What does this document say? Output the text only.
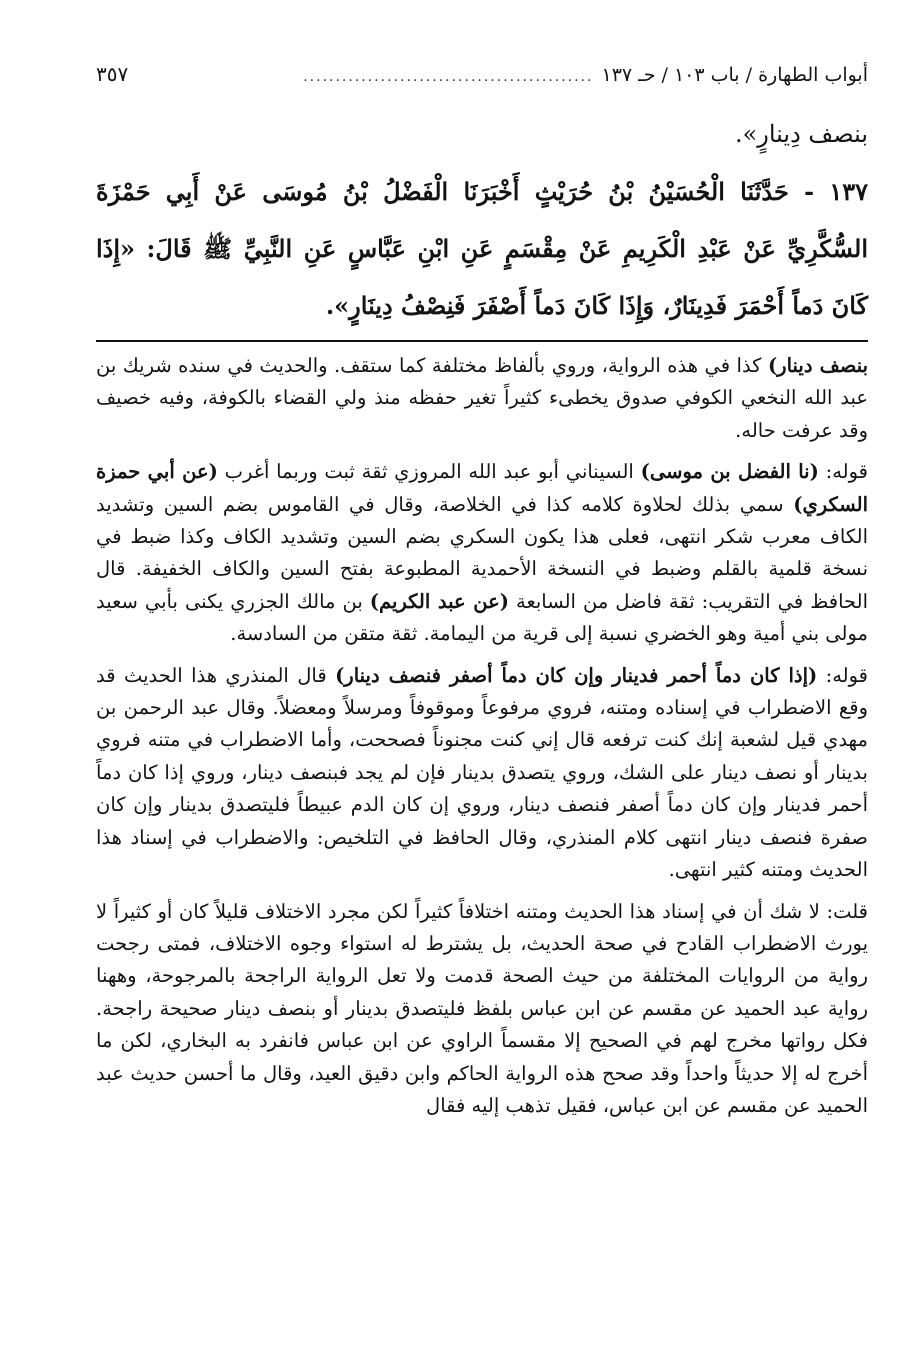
أبواب الطهارة / باب ١٠٣ / حـ ١٣٧
.............................................
٣٥٧

بنصف دِينارٍ».

١٣٧ - حَدَّثَنَا الْحُسَيْنُ بْنُ حُرَيْثٍ أَخْبَرَنَا الْفَضْلُ بْنُ مُوسَى عَنْ أَبِي حَمْزَةَ السُّكَّرِيِّ عَنْ عَبْدِ الْكَرِيمِ عَنْ مِقْسَمٍ عَنِ ابْنِ عَبَّاسٍ عَنِ النَّبِيِّ ﷺ قَالَ: «إِذَا كَانَ دَماً أَحْمَرَ فَدِينَارٌ، وَإِذَا كَانَ دَماً أَصْفَرَ فَنِصْفُ دِينَارٍ».

بنصف دينار) كذا في هذه الرواية، وروي بألفاظ مختلفة كما ستقف. والحديث في سنده شريك بن عبد الله النخعي الكوفي صدوق يخطىء كثيراً تغير حفظه منذ ولي القضاء بالكوفة، وفيه خصيف وقد عرفت حاله.

قوله: (نا الفضل بن موسى) السيناني أبو عبد الله المروزي ثقة ثبت وربما أغرب (عن أبي حمزة السكري) سمي بذلك لحلاوة كلامه كذا في الخلاصة، وقال في القاموس بضم السين وتشديد الكاف معرب شكر انتهى، فعلى هذا يكون السكري بضم السين وتشديد الكاف وكذا ضبط في نسخة قلمية بالقلم وضبط في النسخة الأحمدية المطبوعة بفتح السين والكاف الخفيفة. قال الحافظ في التقريب: ثقة فاضل من السابعة (عن عبد الكريم) بن مالك الجزري يكنى بأبي سعيد مولى بني أمية وهو الخضري نسبة إلى قرية من اليمامة. ثقة متقن من السادسة.

قوله: (إذا كان دماً أحمر فدينار وإن كان دماً أصفر فنصف دينار) قال المنذري هذا الحديث قد وقع الاضطراب في إسناده ومتنه، فروي مرفوعاً وموقوفاً ومرسلاً ومعضلاً. وقال عبد الرحمن بن مهدي قيل لشعبة إنك كنت ترفعه قال إني كنت مجنوناً فصححت، وأما الاضطراب في متنه فروي بدينار أو نصف دينار على الشك، وروي يتصدق بدينار فإن لم يجد فبنصف دينار، وروي إذا كان دماً أحمر فدينار وإن كان دماً أصفر فنصف دينار، وروي إن كان الدم عبيطاً فليتصدق بدينار وإن كان صفرة فنصف دينار انتهى كلام المنذري، وقال الحافظ في التلخيص: والاضطراب في إسناد هذا الحديث ومتنه كثير انتهى.

قلت: لا شك أن في إسناد هذا الحديث ومتنه اختلافاً كثيراً لكن مجرد الاختلاف قليلاً كان أو كثيراً لا يورث الاضطراب القادح في صحة الحديث، بل يشترط له استواء وجوه الاختلاف، فمتى رجحت رواية من الروايات المختلفة من حيث الصحة قدمت ولا تعل الرواية الراجحة بالمرجوحة، وههنا رواية عبد الحميد عن مقسم عن ابن عباس بلفظ فليتصدق بدينار أو بنصف دينار صحيحة راجحة. فكل رواتها مخرج لهم في الصحيح إلا مقسماً الراوي عن ابن عباس فانفرد به البخاري، لكن ما أخرج له إلا حديثاً واحداً وقد صحح هذه الرواية الحاكم وابن دقيق العيد، وقال ما أحسن حديث عبد الحميد عن مقسم عن ابن عباس، فقيل تذهب إليه فقال
